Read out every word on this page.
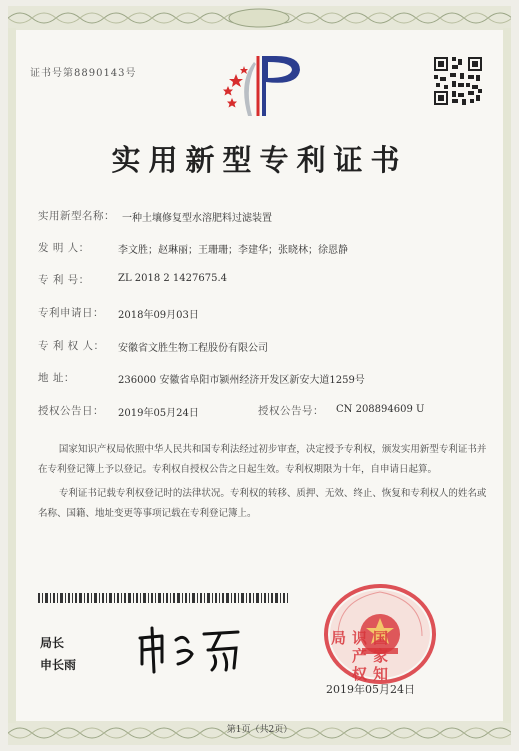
证书号第8890143号
实用新型专利证书
实用新型名称： 一种土壤修复型水溶肥料过滤装置
发 明 人：	李文胜；赵琳丽；王珊珊；李建华；张晓林；徐恩静
专 利 号：	ZL 2018 2 1427675.4
专利申请日： 2018年09月03日
专 利 权 人： 安徽省文胜生物工程股份有限公司
地 址：	236000 安徽省阜阳市颍州经济开发区新安大道1259号
授权公告日： 2019年05月24日	授权公告号： CN 208894609 U

国家知识产权局依照中华人民共和国专利法经过初步审查，决定授予专利权，颁发实用新型专利证书并在专利登记簿上予以登记。专利权自授权公告之日起生效。专利权期限为十年，自申请日起算。

专利证书记载专利权登记时的法律状况。专利权的转移、质押、无效、终止、恢复和专利权人的姓名或名称、国籍、地址变更等事项记载在专利登记簿上。

局长
申长雨	国家知识产权局
2019年05月24日
第1页（共2页）
